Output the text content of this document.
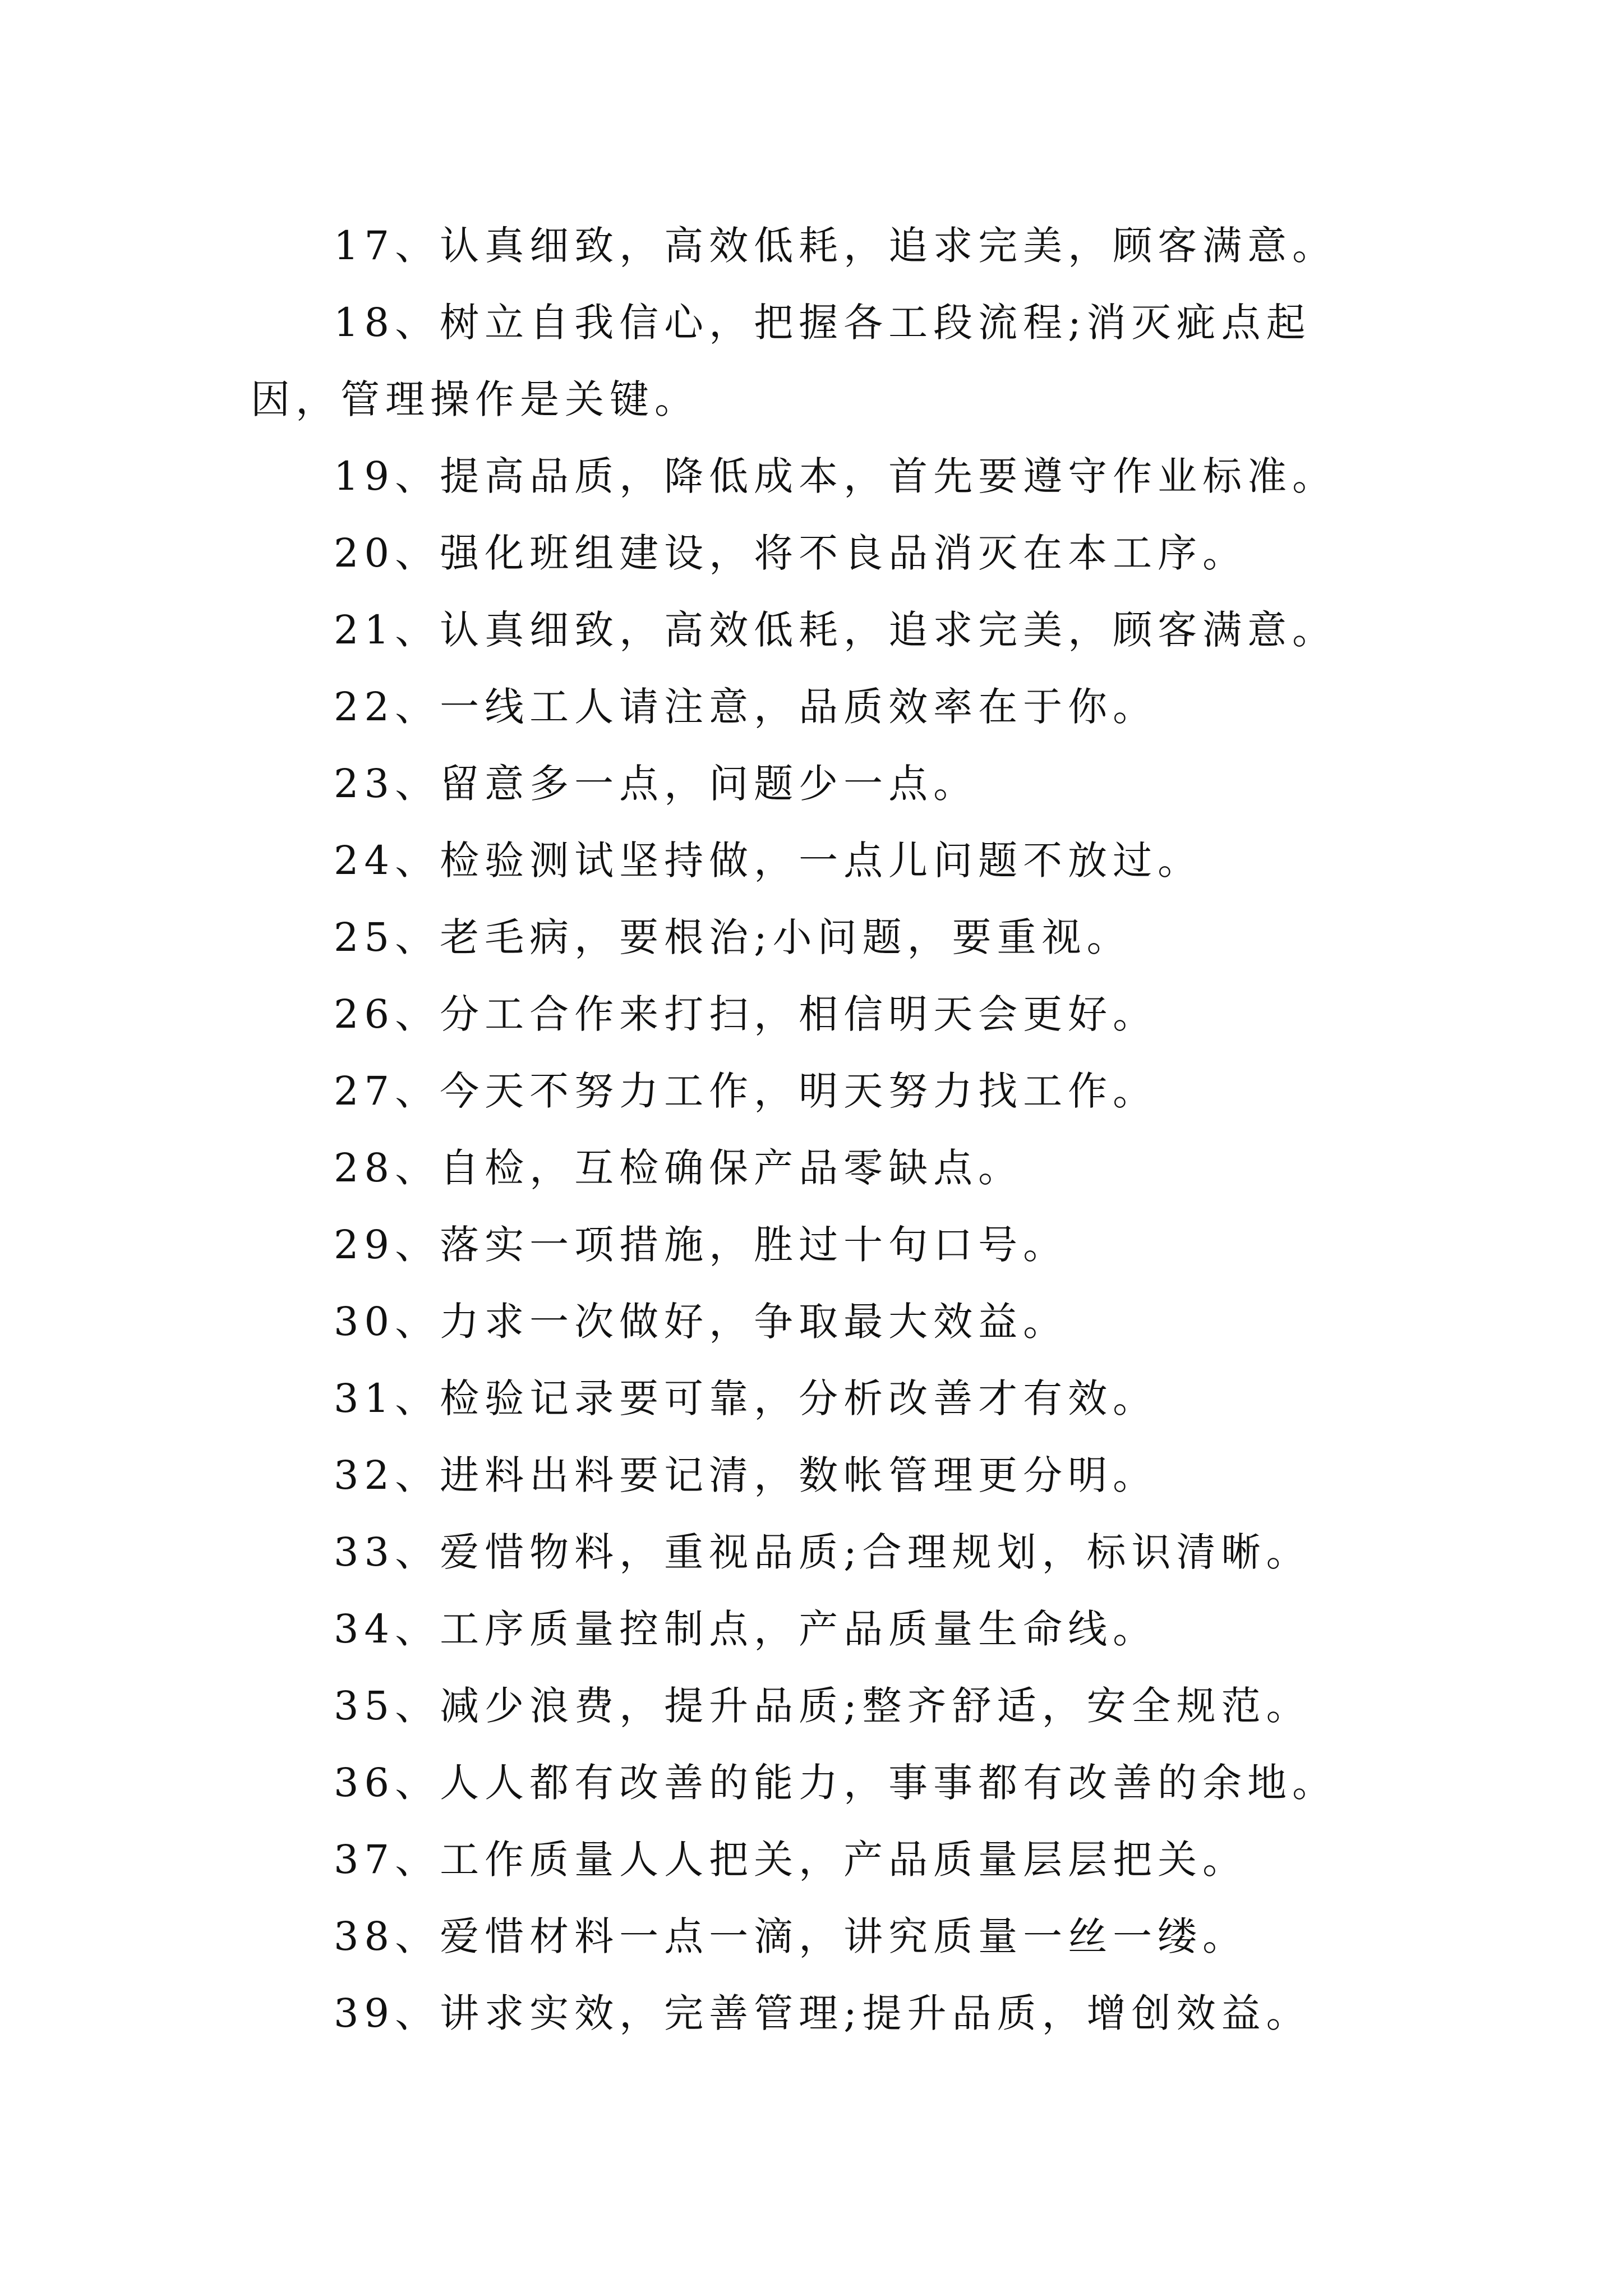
17、认真细致，高效低耗，追求完美，顾客满意。

18、树立自我信心，把握各工段流程;消灭疵点起因，管理操作是关键。

19、提高品质，降低成本，首先要遵守作业标准。

20、强化班组建设，将不良品消灭在本工序。

21、认真细致，高效低耗，追求完美，顾客满意。

22、一线工人请注意，品质效率在于你。

23、留意多一点，问题少一点。

24、检验测试坚持做，一点儿问题不放过。

25、老毛病，要根治;小问题，要重视。

26、分工合作来打扫，相信明天会更好。

27、今天不努力工作，明天努力找工作。

28、自检，互检确保产品零缺点。

29、落实一项措施，胜过十句口号。

30、力求一次做好，争取最大效益。

31、检验记录要可靠，分析改善才有效。

32、进料出料要记清，数帐管理更分明。

33、爱惜物料，重视品质;合理规划，标识清晰。

34、工序质量控制点，产品质量生命线。

35、减少浪费，提升品质;整齐舒适，安全规范。

36、人人都有改善的能力，事事都有改善的余地。

37、工作质量人人把关，产品质量层层把关。

38、爱惜材料一点一滴，讲究质量一丝一缕。

39、讲求实效，完善管理;提升品质，增创效益。
